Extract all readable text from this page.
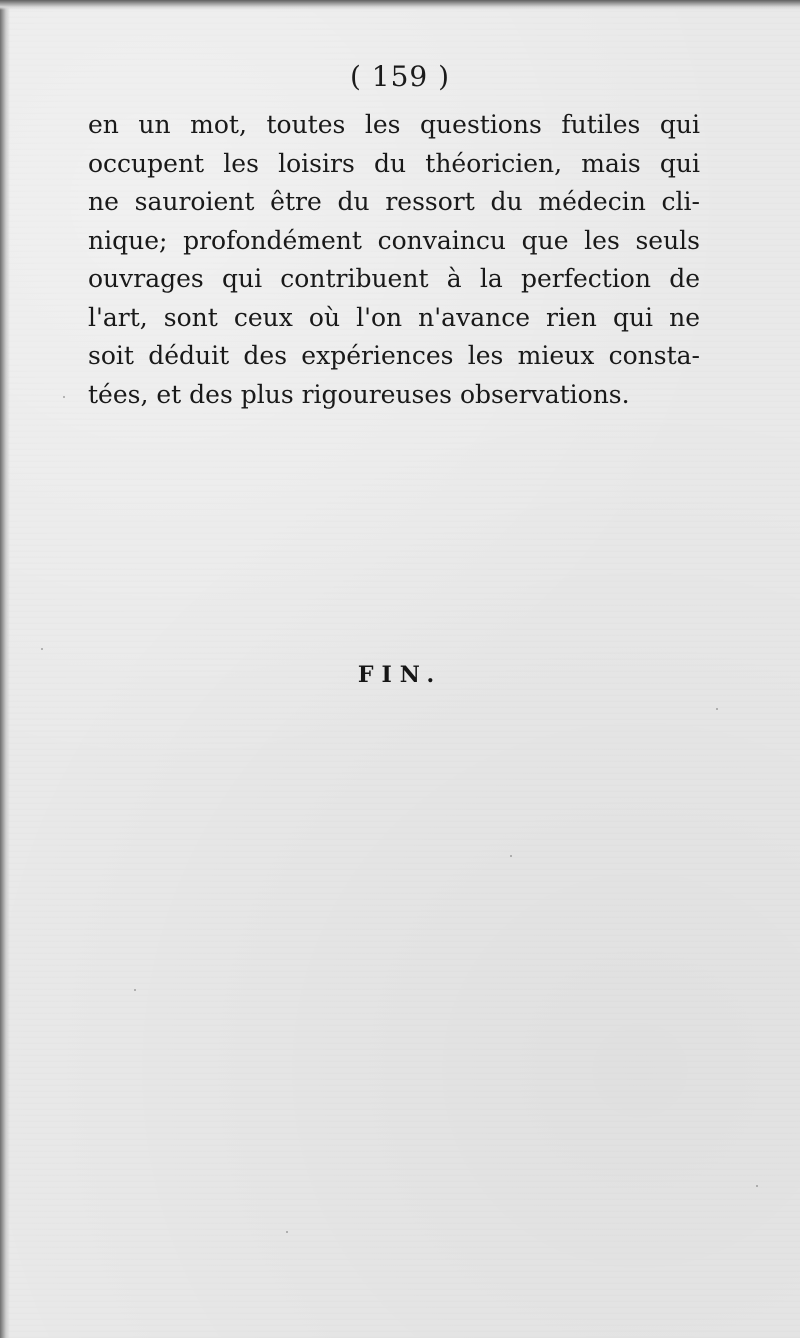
( 159 )
en un mot, toutes les questions futiles qui
occupent les loisirs du théoricien, mais qui
ne sauroient être du ressort du médecin cli-
nique; profondément convaincu que les seuls
ouvrages qui contribuent à la perfection de
l'art, sont ceux où l'on n'avance rien qui ne
soit déduit des expériences les mieux consta-
tées, et des plus rigoureuses observations.
FIN.
